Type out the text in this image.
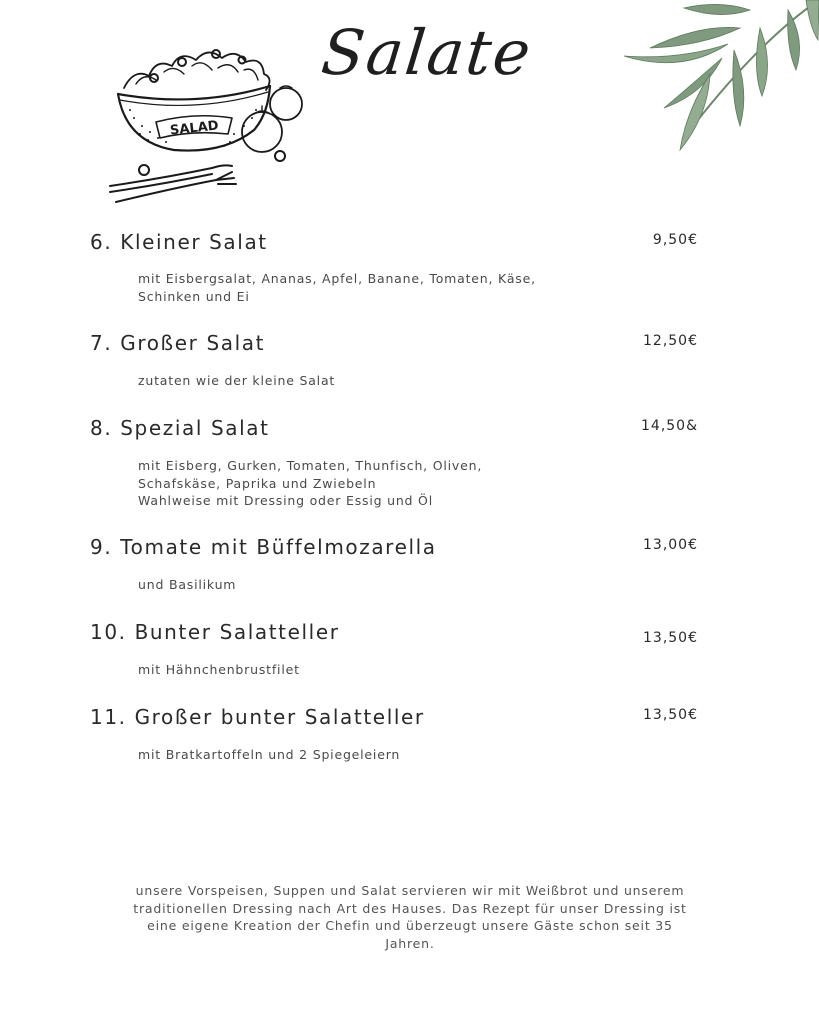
SALAD
Salate
6. Kleiner Salat	9,50€
mit Eisbergsalat, Ananas, Apfel, Banane, Tomaten, Käse,
Schinken und Ei
7. Großer Salat	12,50€
zutaten wie der kleine Salat
8. Spezial Salat	14,50&
mit Eisberg, Gurken, Tomaten, Thunfisch, Oliven,
Schafskäse, Paprika und Zwiebeln
Wahlweise mit Dressing oder Essig und Öl
9. Tomate mit Büffelmozarella	13,00€
und Basilikum
10. Bunter Salatteller	13,50€
mit Hähnchenbrustfilet
11. Großer bunter Salatteller	13,50€
mit Bratkartoffeln und 2 Spiegeleiern
unsere Vorspeisen, Suppen und Salat servieren wir mit Weißbrot und unserem
traditionellen Dressing nach Art des Hauses. Das Rezept für unser Dressing ist
eine eigene Kreation der Chefin und überzeugt unsere Gäste schon seit 35
Jahren.
